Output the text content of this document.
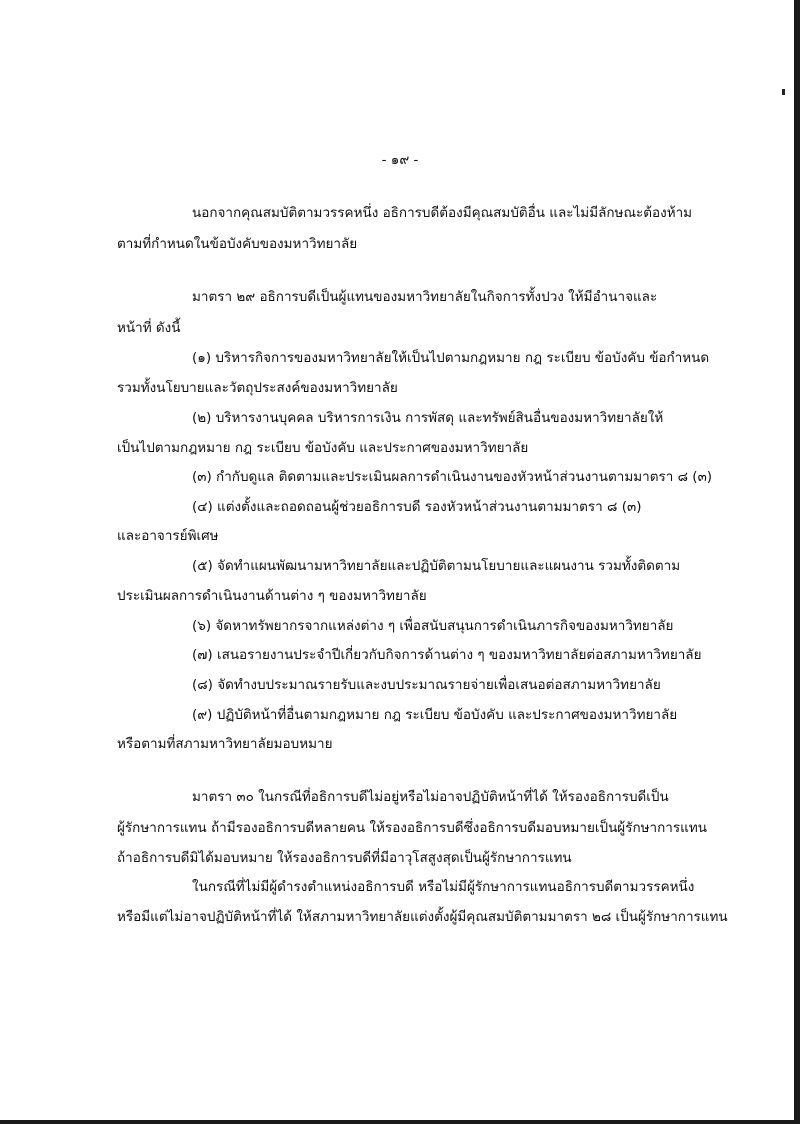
- ๑๙ -
นอกจากคุณสมบัติตามวรรคหนึ่ง อธิการบดีต้องมีคุณสมบัติอื่น และไม่มีลักษณะต้องห้าม
ตามที่กำหนดในข้อบังคับของมหาวิทยาลัย
มาตรา ๒๙ อธิการบดีเป็นผู้แทนของมหาวิทยาลัยในกิจการทั้งปวง ให้มีอำนาจและ
หน้าที่ ดังนี้
(๑) บริหารกิจการของมหาวิทยาลัยให้เป็นไปตามกฎหมาย กฎ ระเบียบ ข้อบังคับ ข้อกำหนด
รวมทั้งนโยบายและวัตถุประสงค์ของมหาวิทยาลัย
(๒) บริหารงานบุคคล บริหารการเงิน การพัสดุ และทรัพย์สินอื่นของมหาวิทยาลัยให้
เป็นไปตามกฎหมาย กฎ ระเบียบ ข้อบังคับ และประกาศของมหาวิทยาลัย
(๓) กำกับดูแล ติดตามและประเมินผลการดำเนินงานของหัวหน้าส่วนงานตามมาตรา ๘ (๓)
(๔) แต่งตั้งและถอดถอนผู้ช่วยอธิการบดี รองหัวหน้าส่วนงานตามมาตรา ๘ (๓)
และอาจารย์พิเศษ
(๕) จัดทำแผนพัฒนามหาวิทยาลัยและปฏิบัติตามนโยบายและแผนงาน รวมทั้งติดตาม
ประเมินผลการดำเนินงานด้านต่าง ๆ ของมหาวิทยาลัย
(๖) จัดหาทรัพยากรจากแหล่งต่าง ๆ เพื่อสนับสนุนการดำเนินภารกิจของมหาวิทยาลัย
(๗) เสนอรายงานประจำปีเกี่ยวกับกิจการด้านต่าง ๆ ของมหาวิทยาลัยต่อสภามหาวิทยาลัย
(๘) จัดทำงบประมาณรายรับและงบประมาณรายจ่ายเพื่อเสนอต่อสภามหาวิทยาลัย
(๙) ปฏิบัติหน้าที่อื่นตามกฎหมาย กฎ ระเบียบ ข้อบังคับ และประกาศของมหาวิทยาลัย
หรือตามที่สภามหาวิทยาลัยมอบหมาย
มาตรา ๓๐ ในกรณีที่อธิการบดีไม่อยู่หรือไม่อาจปฏิบัติหน้าที่ได้ ให้รองอธิการบดีเป็น
ผู้รักษาการแทน ถ้ามีรองอธิการบดีหลายคน ให้รองอธิการบดีซึ่งอธิการบดีมอบหมายเป็นผู้รักษาการแทน
ถ้าอธิการบดีมิได้มอบหมาย ให้รองอธิการบดีที่มีอาวุโสสูงสุดเป็นผู้รักษาการแทน
ในกรณีที่ไม่มีผู้ดำรงตำแหน่งอธิการบดี หรือไม่มีผู้รักษาการแทนอธิการบดีตามวรรคหนึ่ง
หรือมีแต่ไม่อาจปฏิบัติหน้าที่ได้ ให้สภามหาวิทยาลัยแต่งตั้งผู้มีคุณสมบัติตามมาตรา ๒๘ เป็นผู้รักษาการแทน
